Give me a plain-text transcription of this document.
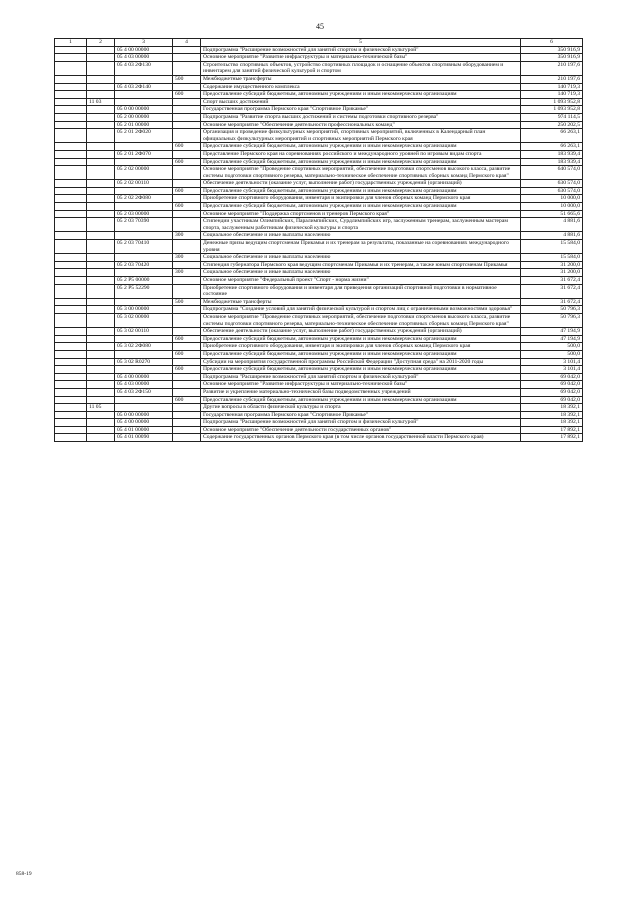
45
1	2	3	4	5	6
		05 4 00 00000		Подпрограмма "Расширение возможностей для занятий спортом и физической культурой"	350 916,9
		05 4 03 00000		Основное мероприятие "Развитие инфраструктуры и материально-технической базы"	350 916,9
		05 4 03 2Ф130		Строительство спортивных объектов, устройство спортивных площадок и оснащение объектов спортивным оборудованием и инвентарем для занятий физической культурой и спортом	210 197,6
			500	Межбюджетные трансферты	210 197,6
		05 4 03 2Ф140		Содержание имущественного комплекса	140 719,3
			600	Предоставление субсидий бюджетным, автономным учреждениям и иным некоммерческим организациям	140 719,3
	11 03			Спорт высших достижений	1 093 952,8
		05 0 00 00000		Государственная программа Пермского края "Спортивное Прикамье"	1 093 952,8
		05 2 00 00000		Подпрограмма "Развитие спорта высших достижений и системы подготовки спортивного резерва"	974 114,5
		05 2 01 00000		Основное мероприятие "Обеспечение деятельности профессиональных команд"	250 202,5
		05 2 01 2Ф020		Организация и проведение физкультурных мероприятий, спортивных мероприятий, включенных в Календарный план официальных физкультурных мероприятий и спортивных мероприятий Пермского края	66 263,1
			600	Предоставление субсидий бюджетным, автономным учреждениям и иным некоммерческим организациям	66 263,1
		05 2 01 2Ф070		Представление Пермского края на соревнованиях российского и международного уровней по игровым видам спорта	183 939,4
			600	Предоставление субсидий бюджетным, автономным учреждениям и иным некоммерческим организациям	183 939,4
		05 2 02 00000		Основное мероприятие "Проведение спортивных мероприятий, обеспечение подготовки спортсменов высокого класса, развитие системы подготовки спортивного резерва, материально-техническое обеспечение спортивных сборных команд Пермского края"	640 574,0
		05 2 02 00110		Обеспечение деятельности (оказание услуг, выполнение работ) государственных учреждений (организаций)	630 574,0
			600	Предоставление субсидий бюджетным, автономным учреждениям и иным некоммерческим организациям	630 574,0
		05 2 02 2Ф080		Приобретение спортивного оборудования, инвентаря и экипировки для членов сборных команд Пермского края	10 000,0
			600	Предоставление субсидий бюджетным, автономным учреждениям и иным некоммерческим организациям	10 000,0
		05 2 03 00000		Основное мероприятие "Поддержка спортсменов и тренеров Пермского края"	51 665,6
		05 2 03 70390		Стипендии участникам Олимпийских, Паралимпийских, Сурдлимпийских игр, заслуженным тренерам, заслуженным мастерам спорта, заслуженным работникам физической культуры и спорта	4 881,6
			300	Социальное обеспечение и иные выплаты населению	4 881,6
		05 2 03 70410		Денежные призы ведущим спортсменам Прикамья и их тренерам за результаты, показанные на соревнованиях международного уровня	15 584,0
			300	Социальное обеспечение и иные выплаты населению	15 584,0
		05 2 03 70420		Стипендия губернатора Пермского края ведущим спортсменам Прикамья и их тренерам, а также юным спортсменам Прикамья	31 200,0
			300	Социальное обеспечение и иные выплаты населению	31 200,0
		05 2 P5 00000		Основное мероприятие "Федеральный проект "Спорт - норма жизни"	31 672,4
		05 2 P5 52290		Приобретение спортивного оборудования и инвентаря для приведения организаций спортивной подготовки в нормативное состояние	31 672,4
			500	Межбюджетные трансферты	31 672,4
		05 3 00 00000		Подпрограмма "Создание условий для занятий физической культурой и спортом лиц с ограниченными возможностями здоровья"	50 796,3
		05 3 02 00000		Основное мероприятие "Проведение спортивных мероприятий, обеспечение подготовки спортсменов высокого класса, развитие системы подготовки спортивного резерва, материально-техническое обеспечение спортивных сборных команд Пермского края"	50 796,3
		05 3 02 00110		Обеспечение деятельности (оказание услуг, выполнение работ) государственных учреждений (организаций)	47 194,9
			600	Предоставление субсидий бюджетным, автономным учреждениям и иным некоммерческим организациям	47 194,9
		05 3 02 2Ф080		Приобретение спортивного оборудования, инвентаря и экипировки для членов сборных команд Пермского края	500,0
			600	Предоставление субсидий бюджетным, автономным учреждениям и иным некоммерческим организациям	500,0
		05 3 02 R0270		Субсидии на мероприятия государственной программы Российской Федерации "Доступная среда" на 2011-2020 годы	3 101,4
			600	Предоставление субсидий бюджетным, автономным учреждениям и иным некоммерческим организациям	3 101,4
		05 4 00 00000		Подпрограмма "Расширение возможностей для занятий спортом и физической культурой"	69 042,0
		05 4 03 00000		Основное мероприятие "Развитие инфраструктуры и материально-технической базы"	69 042,0
		05 4 03 2Ф150		Развитие и укрепление материально-технической базы подведомственных учреждений	69 042,0
			600	Предоставление субсидий бюджетным, автономным учреждениям и иным некоммерческим организациям	69 042,0
	11 05			Другие вопросы в области физической культуры и спорта	18 392,1
		05 0 00 00000		Государственная программа Пермского края "Спортивное Прикамье"	18 392,1
		05 4 00 00000		Подпрограмма "Расширение возможностей для занятий спортом и физической культурой"	18 392,1
		05 4 01 00000		Основное мероприятие "Обеспечение деятельности государственных органов"	17 892,1
		05 4 01 00090		Содержание государственных органов Пермского края (в том числе органов государственной власти Пермского края)	17 892,1
858-19
